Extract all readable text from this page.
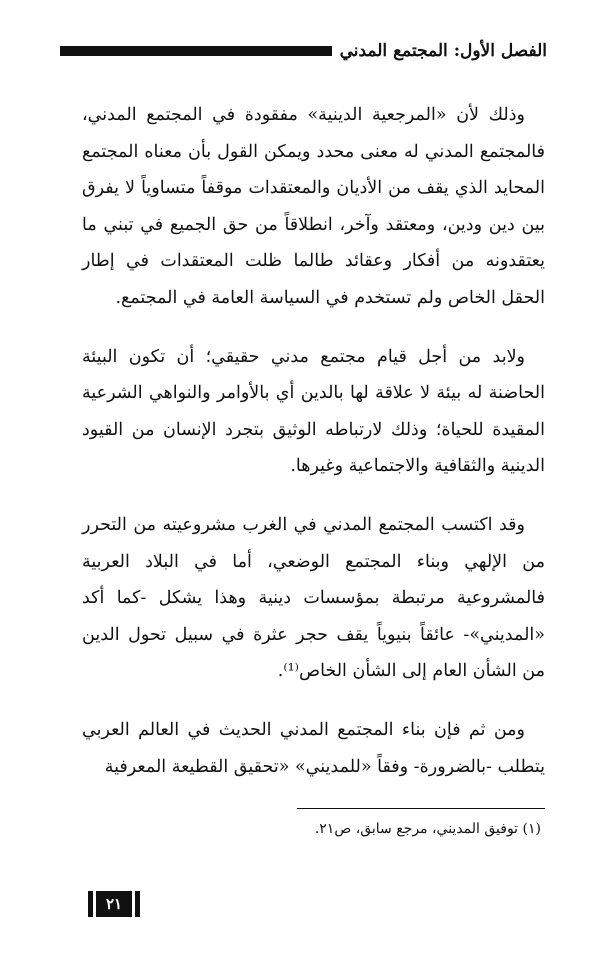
الفصل الأول: المجتمع المدني

وذلك لأن «المرجعية الدينية» مفقودة في المجتمع المدني، فالمجتمع المدني له معنى محدد ويمكن القول بأن معناه المجتمع المحايد الذي يقف من الأديان والمعتقدات موقفاً متساوياً لا يفرق بين دين ودين، ومعتقد وآخر، انطلاقاً من حق الجميع في تبني ما يعتقدونه من أفكار وعقائد طالما ظلت المعتقدات في إطار الحقل الخاص ولم تستخدم في السياسة العامة في المجتمع.

ولابد من أجل قيام مجتمع مدني حقيقي؛ أن تكون البيئة الحاضنة له بيئة لا علاقة لها بالدين أي بالأوامر والنواهي الشرعية المقيدة للحياة؛ وذلك لارتباطه الوثيق بتجرد الإنسان من القيود الدينية والثقافية والاجتماعية وغيرها.

وقد اكتسب المجتمع المدني في الغرب مشروعيته من التحرر من الإلهي وبناء المجتمع الوضعي، أما في البلاد العربية فالمشروعية مرتبطة بمؤسسات دينية وهذا يشكل -كما أكد «المديني»- عائقاً بنيوياً يقف حجر عثرة في سبيل تحول الدين من الشأن العام إلى الشأن الخاص⁽¹⁾.

ومن ثم فإن بناء المجتمع المدني الحديث في العالم العربي يتطلب -بالضرورة- وفقاً «للمديني» «تحقيق القطيعة المعرفية

(١) توفيق المديني، مرجع سابق، ص٢١.
٢١
